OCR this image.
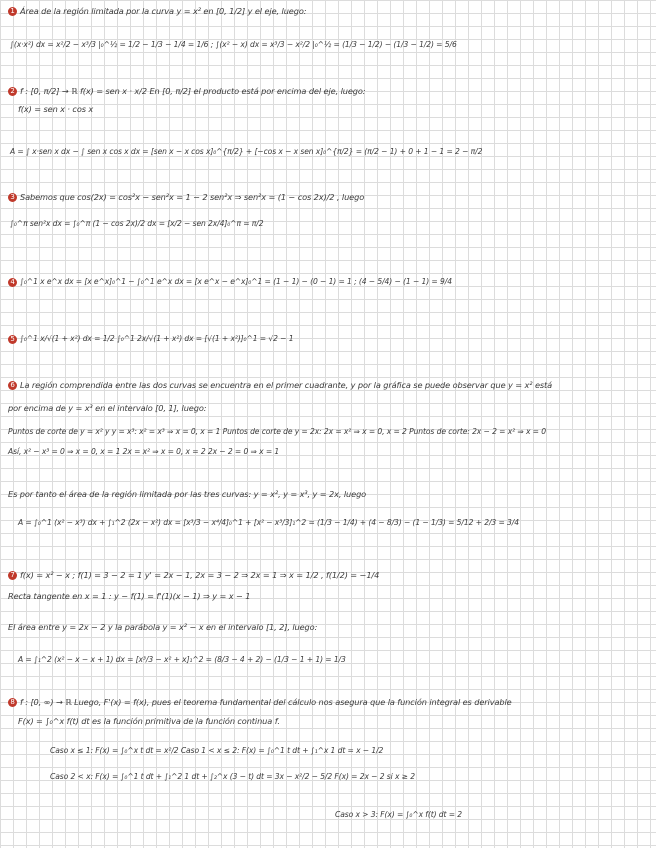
1 Área de la región limitada por la curva y = x² en [0, 1/2] y el eje, luego:
∫(x·x²) dx = x²/2 − x³/3 |₀^½ = 1/2 − 1/3 − 1/4 = 1/6 ; ∫(x² − x) dx = x³/3 − x²/2 |₀^½ = (1/3 − 1/2) − (1/3 − 1/2) = 5/6
2 f : [0, π/2] → ℝ f(x) = sen x · x/2 En [0, π/2] el producto está por encima del eje, luego:
f(x) = sen x · cos x
A = ∫ x·sen x dx − ∫ sen x cos x dx = [sen x − x cos x]₀^{π/2} + [−cos x − x sen x]₀^{π/2} = (π/2 − 1) + 0 + 1 − 1 = 2 − π/2
3 Sabemos que cos(2x) = cos²x − sen²x = 1 − 2 sen²x ⇒ sen²x = (1 − cos 2x)/2 , luego
∫₀^π sen²x dx = ∫₀^π (1 − cos 2x)/2 dx = [x/2 − sen 2x/4]₀^π = π/2
4 ∫₀^1 x e^x dx = [x e^x]₀^1 − ∫₀^1 e^x dx = [x e^x − e^x]₀^1 = (1 − 1) − (0 − 1) = 1 ; (4 − 5/4) − (1 − 1) = 9/4
5 ∫₀^1 x/√(1 + x²) dx = 1/2 ∫₀^1 2x/√(1 + x²) dx = [√(1 + x²)]₀^1 = √2 − 1
6 La región comprendida entre las dos curvas se encuentra en el primer cuadrante, y por la gráfica se puede observar que y = x² está
por encima de y = x³ en el intervalo [0, 1], luego:
Puntos de corte de y = x² y y = x³: x² = x³ ⇒ x = 0, x = 1 Puntos de corte de y = 2x: 2x = x² ⇒ x = 0, x = 2 Puntos de corte: 2x − 2 = x² ⇒ x = 0
Así, x² − x³ = 0 ⇒ x = 0, x = 1 2x = x² ⇒ x = 0, x = 2 2x − 2 = 0 ⇒ x = 1
Es por tanto el área de la región limitada por las tres curvas: y = x², y = x³, y = 2x, luego
A = ∫₀^1 (x² − x³) dx + ∫₁^2 (2x − x²) dx = [x³/3 − x⁴/4]₀^1 + [x² − x³/3]₁^2 = (1/3 − 1/4) + (4 − 8/3) − (1 − 1/3) = 5/12 + 2/3 = 3/4
7 f(x) = x² − x ; f(1) = 3 − 2 = 1 y' = 2x − 1, 2x = 3 − 2 ⇒ 2x = 1 ⇒ x = 1/2 , f(1/2) = −1/4
Recta tangente en x = 1 : y − f(1) = f'(1)(x − 1) ⇒ y = x − 1
El área entre y = 2x − 2 y la parábola y = x² − x en el intervalo [1, 2], luego:
A = ∫₁^2 (x² − x − x + 1) dx = [x³/3 − x² + x]₁^2 = (8/3 − 4 + 2) − (1/3 − 1 + 1) = 1/3
8 f : [0, ∞) → ℝ Luego, F'(x) = f(x), pues el teorema fundamental del cálculo nos asegura que la función integral es derivable
F(x) = ∫₀^x f(t) dt es la función primitiva de la función continua f.
Caso x ≤ 1: F(x) = ∫₀^x t dt = x²/2 Caso 1 < x ≤ 2: F(x) = ∫₀^1 t dt + ∫₁^x 1 dt = x − 1/2
Caso 2 < x: F(x) = ∫₀^1 t dt + ∫₁^2 1 dt + ∫₂^x (3 − t) dt = 3x − x²/2 − 5/2 F(x) = 2x − 2 si x ≥ 2
Caso x > 3: F(x) = ∫₀^x f(t) dt = 2
